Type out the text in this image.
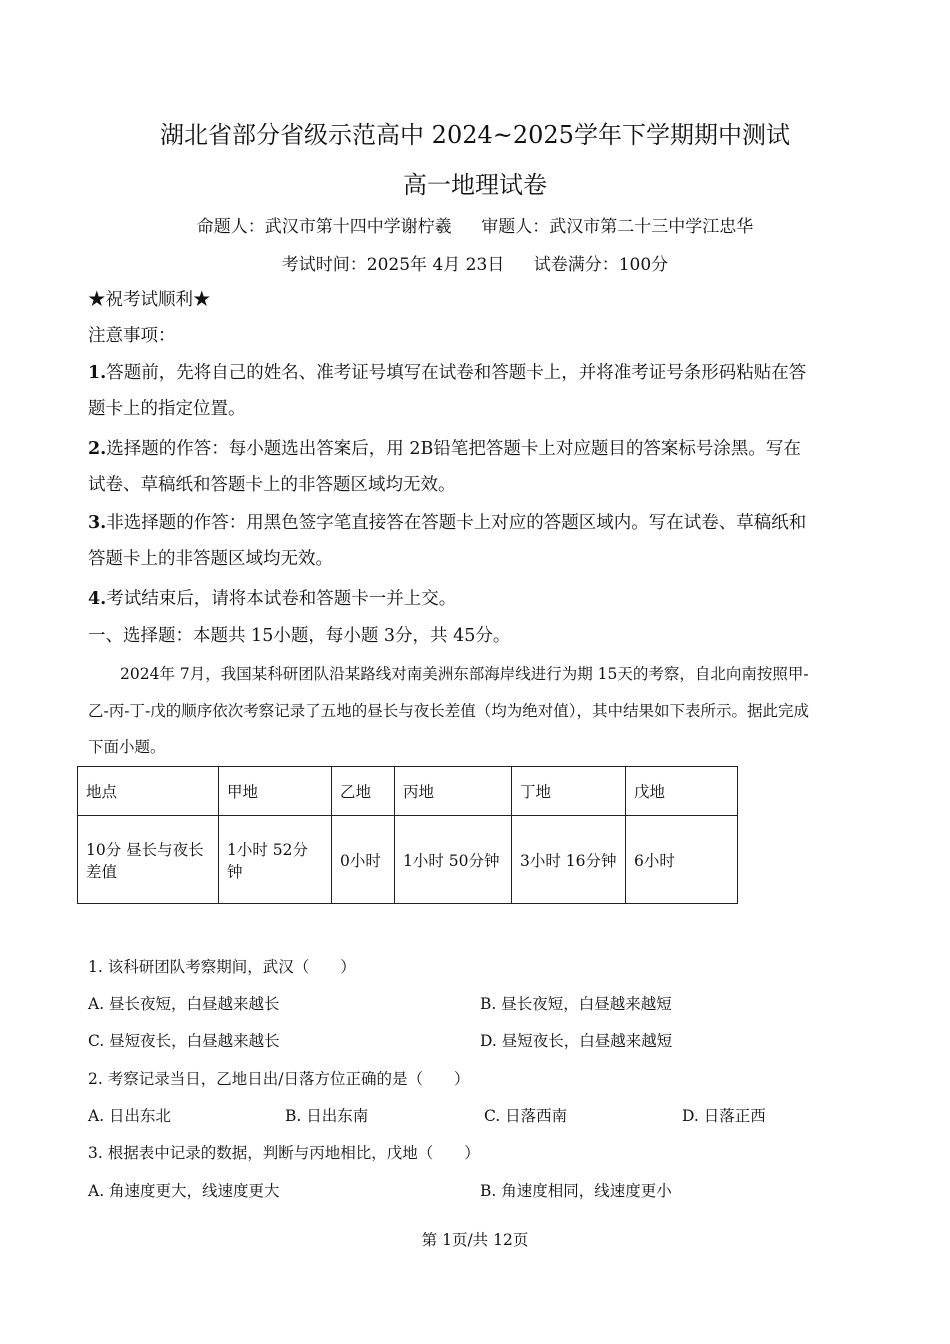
湖北省部分省级示范高中 2024~2025学年下学期期中测试
高一地理试卷
命题人：武汉市第十四中学谢柠羲 审题人：武汉市第二十三中学江忠华
考试时间：2025年 4月 23日 试卷满分：100分
★祝考试顺利★
注意事项：
1.答题前，先将自己的姓名、准考证号填写在试卷和答题卡上，并将准考证号条形码粘贴在答
题卡上的指定位置。
2.选择题的作答：每小题选出答案后，用 2B铅笔把答题卡上对应题目的答案标号涂黑。写在
试卷、草稿纸和答题卡上的非答题区域均无效。
3.非选择题的作答：用黑色签字笔直接答在答题卡上对应的答题区域内。写在试卷、草稿纸和
答题卡上的非答题区域均无效。
4.考试结束后，请将本试卷和答题卡一并上交。
一、选择题：本题共 15小题，每小题 3分，共 45分。
2024年 7月，我国某科研团队沿某路线对南美洲东部海岸线进行为期 15天的考察，自北向南按照甲-
乙-丙-丁-戊的顺序依次考察记录了五地的昼长与夜长差值（均为绝对值），其中结果如下表所示。据此完成
下面小题。
地点	甲地	乙地	丙地	丁地	戊地
10分 昼长与夜长差值	1小时 52分钟	0小时	1小时 50分钟	3小时 16分钟	6小时
1. 该科研团队考察期间，武汉（　　）
A. 昼长夜短，白昼越来越长	B. 昼长夜短，白昼越来越短
C. 昼短夜长，白昼越来越长	D. 昼短夜长，白昼越来越短
2. 考察记录当日，乙地日出/日落方位正确的是（　　）
A. 日出东北	B. 日出东南	C. 日落西南	D. 日落正西
3. 根据表中记录的数据，判断与丙地相比，戊地（　　）
A. 角速度更大，线速度更大	B. 角速度相同，线速度更小
第 1页/共 12页
